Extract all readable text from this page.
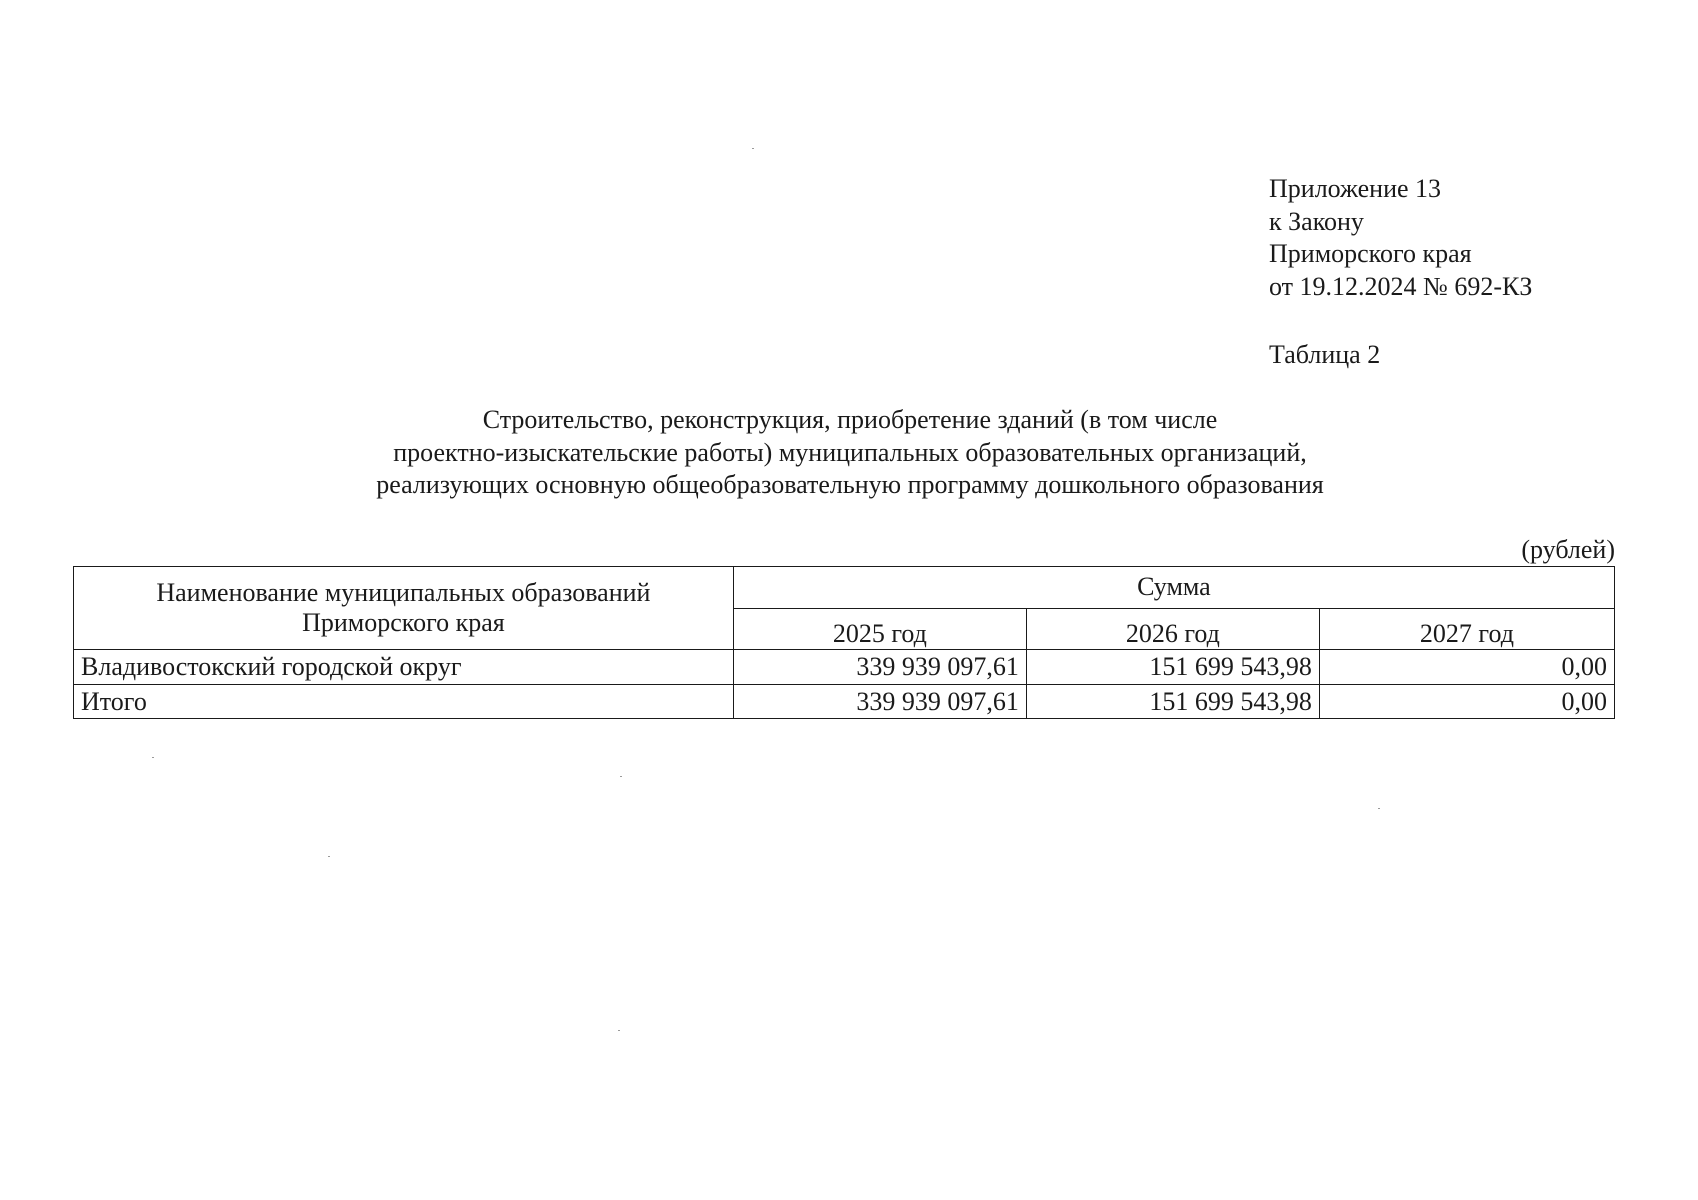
Приложение 13
к Закону
Приморского края
от 19.12.2024 № 692-КЗ
Таблица 2
Строительство, реконструкция, приобретение зданий (в том числе
проектно-изыскательские работы) муниципальных образовательных организаций,
реализующих основную общеобразовательную программу дошкольного образования
(рублей)
Наименование муниципальных образований Приморского края	Сумма		
	2025 год	2026 год	2027 год
Владивостокский городской округ	339 939 097,61	151 699 543,98	0,00
Итого	339 939 097,61	151 699 543,98	0,00
